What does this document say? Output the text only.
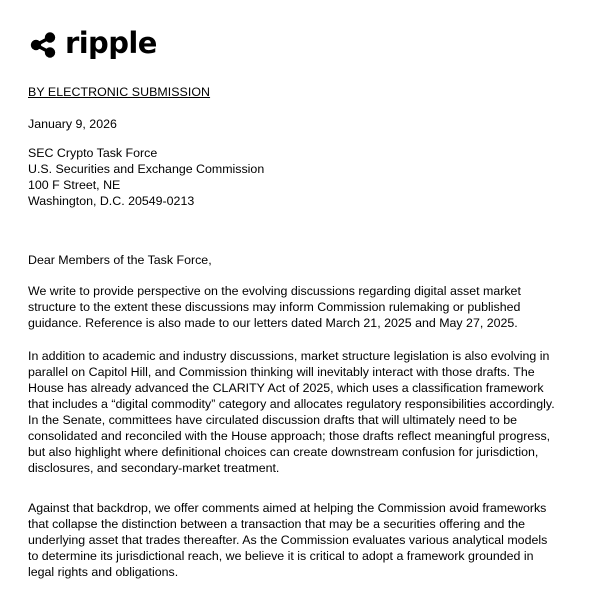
ripple

BY ELECTRONIC SUBMISSION

January 9, 2026

SEC Crypto Task Force
U.S. Securities and Exchange Commission
100 F Street, NE
Washington, D.C. 20549-0213

Dear Members of the Task Force,

We write to provide perspective on the evolving discussions regarding digital asset market
structure to the extent these discussions may inform Commission rulemaking or published
guidance. Reference is also made to our letters dated March 21, 2025 and May 27, 2025.
In addition to academic and industry discussions, market structure legislation is also evolving in
parallel on Capitol Hill, and Commission thinking will inevitably interact with those drafts. The
House has already advanced the CLARITY Act of 2025, which uses a classification framework
that includes a “digital commodity” category and allocates regulatory responsibilities accordingly.
In the Senate, committees have circulated discussion drafts that will ultimately need to be
consolidated and reconciled with the House approach; those drafts reflect meaningful progress,
but also highlight where definitional choices can create downstream confusion for jurisdiction,
disclosures, and secondary-market treatment.
Against that backdrop, we offer comments aimed at helping the Commission avoid frameworks
that collapse the distinction between a transaction that may be a securities offering and the
underlying asset that trades thereafter. As the Commission evaluates various analytical models
to determine its jurisdictional reach, we believe it is critical to adopt a framework grounded in
legal rights and obligations.
